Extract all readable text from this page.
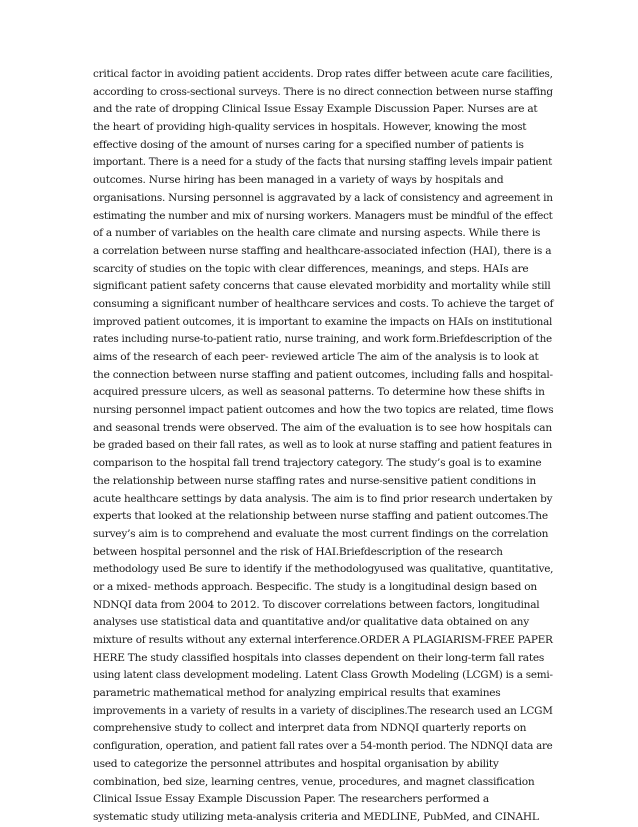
critical factor in avoiding patient accidents. Drop rates differ between acute care facilities,
according to cross-sectional surveys. There is no direct connection between nurse staffing
and the rate of dropping Clinical Issue Essay Example Discussion Paper. Nurses are at
the heart of providing high-quality services in hospitals. However, knowing the most
effective dosing of the amount of nurses caring for a specified number of patients is
important. There is a need for a study of the facts that nursing staffing levels impair patient
outcomes. Nurse hiring has been managed in a variety of ways by hospitals and
organisations. Nursing personnel is aggravated by a lack of consistency and agreement in
estimating the number and mix of nursing workers. Managers must be mindful of the effect
of a number of variables on the health care climate and nursing aspects. While there is
a correlation between nurse staffing and healthcare-associated infection (HAI), there is a
scarcity of studies on the topic with clear differences, meanings, and steps. HAIs are
significant patient safety concerns that cause elevated morbidity and mortality while still
consuming a significant number of healthcare services and costs. To achieve the target of
improved patient outcomes, it is important to examine the impacts on HAIs on institutional
rates including nurse-to-patient ratio, nurse training, and work form.Briefdescription of the
aims of the research of each peer- reviewed article The aim of the analysis is to look at
the connection between nurse staffing and patient outcomes, including falls and hospital-
acquired pressure ulcers, as well as seasonal patterns. To determine how these shifts in
nursing personnel impact patient outcomes and how the two topics are related, time flows
and seasonal trends were observed. The aim of the evaluation is to see how hospitals can
be graded based on their fall rates, as well as to look at nurse staffing and patient features in
comparison to the hospital fall trend trajectory category. The study’s goal is to examine
the relationship between nurse staffing rates and nurse-sensitive patient conditions in
acute healthcare settings by data analysis. The aim is to find prior research undertaken by
experts that looked at the relationship between nurse staffing and patient outcomes.The
survey’s aim is to comprehend and evaluate the most current findings on the correlation
between hospital personnel and the risk of HAI.Briefdescription of the research
methodology used Be sure to identify if the methodologyused was qualitative, quantitative,
or a mixed- methods approach. Bespecific. The study is a longitudinal design based on
NDNQI data from 2004 to 2012. To discover correlations between factors, longitudinal
analyses use statistical data and quantitative and/or qualitative data obtained on any
mixture of results without any external interference.ORDER A PLAGIARISM-FREE PAPER
HERE The study classified hospitals into classes dependent on their long-term fall rates
using latent class development modeling. Latent Class Growth Modeling (LCGM) is a semi-
parametric mathematical method for analyzing empirical results that examines
improvements in a variety of results in a variety of disciplines.The research used an LCGM
comprehensive study to collect and interpret data from NDNQI quarterly reports on
configuration, operation, and patient fall rates over a 54-month period. The NDNQI data are
used to categorize the personnel attributes and hospital organisation by ability
combination, bed size, learning centres, venue, procedures, and magnet classification
Clinical Issue Essay Example Discussion Paper. The researchers performed a
systematic study utilizing meta-analysis criteria and MEDLINE, PubMed, and CINAHL
